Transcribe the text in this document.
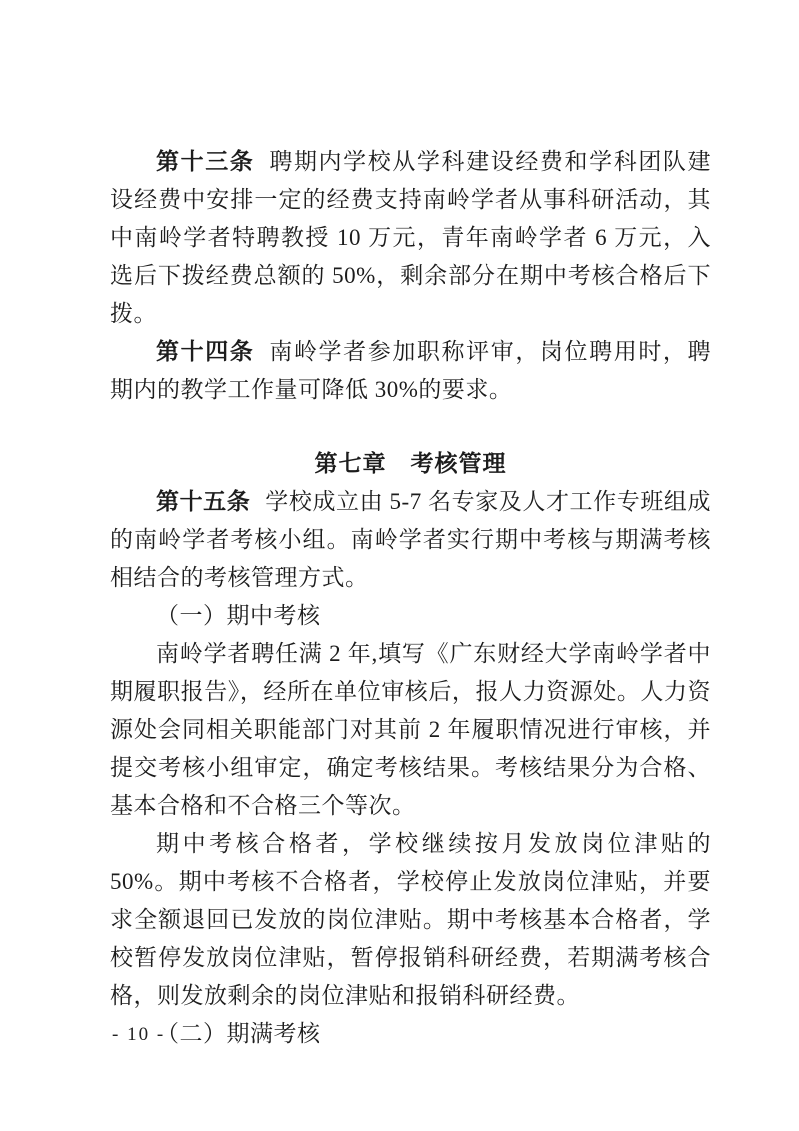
第十三条 聘期内学校从学科建设经费和学科团队建设经费中安排一定的经费支持南岭学者从事科研活动，其中南岭学者特聘教授 10 万元，青年南岭学者 6 万元，入选后下拨经费总额的 50%，剩余部分在期中考核合格后下拨。

第十四条 南岭学者参加职称评审，岗位聘用时，聘期内的教学工作量可降低 30%的要求。

第七章　考核管理

第十五条 学校成立由 5-7 名专家及人才工作专班组成的南岭学者考核小组。南岭学者实行期中考核与期满考核相结合的考核管理方式。

（一）期中考核

南岭学者聘任满 2 年,填写《广东财经大学南岭学者中期履职报告》，经所在单位审核后，报人力资源处。人力资源处会同相关职能部门对其前 2 年履职情况进行审核，并提交考核小组审定，确定考核结果。考核结果分为合格、基本合格和不合格三个等次。

期中考核合格者，学校继续按月发放岗位津贴的 50%。期中考核不合格者，学校停止发放岗位津贴，并要求全额退回已发放的岗位津贴。期中考核基本合格者，学校暂停发放岗位津贴，暂停报销科研经费，若期满考核合格，则发放剩余的岗位津贴和报销科研经费。

（二）期满考核

- 10 -
